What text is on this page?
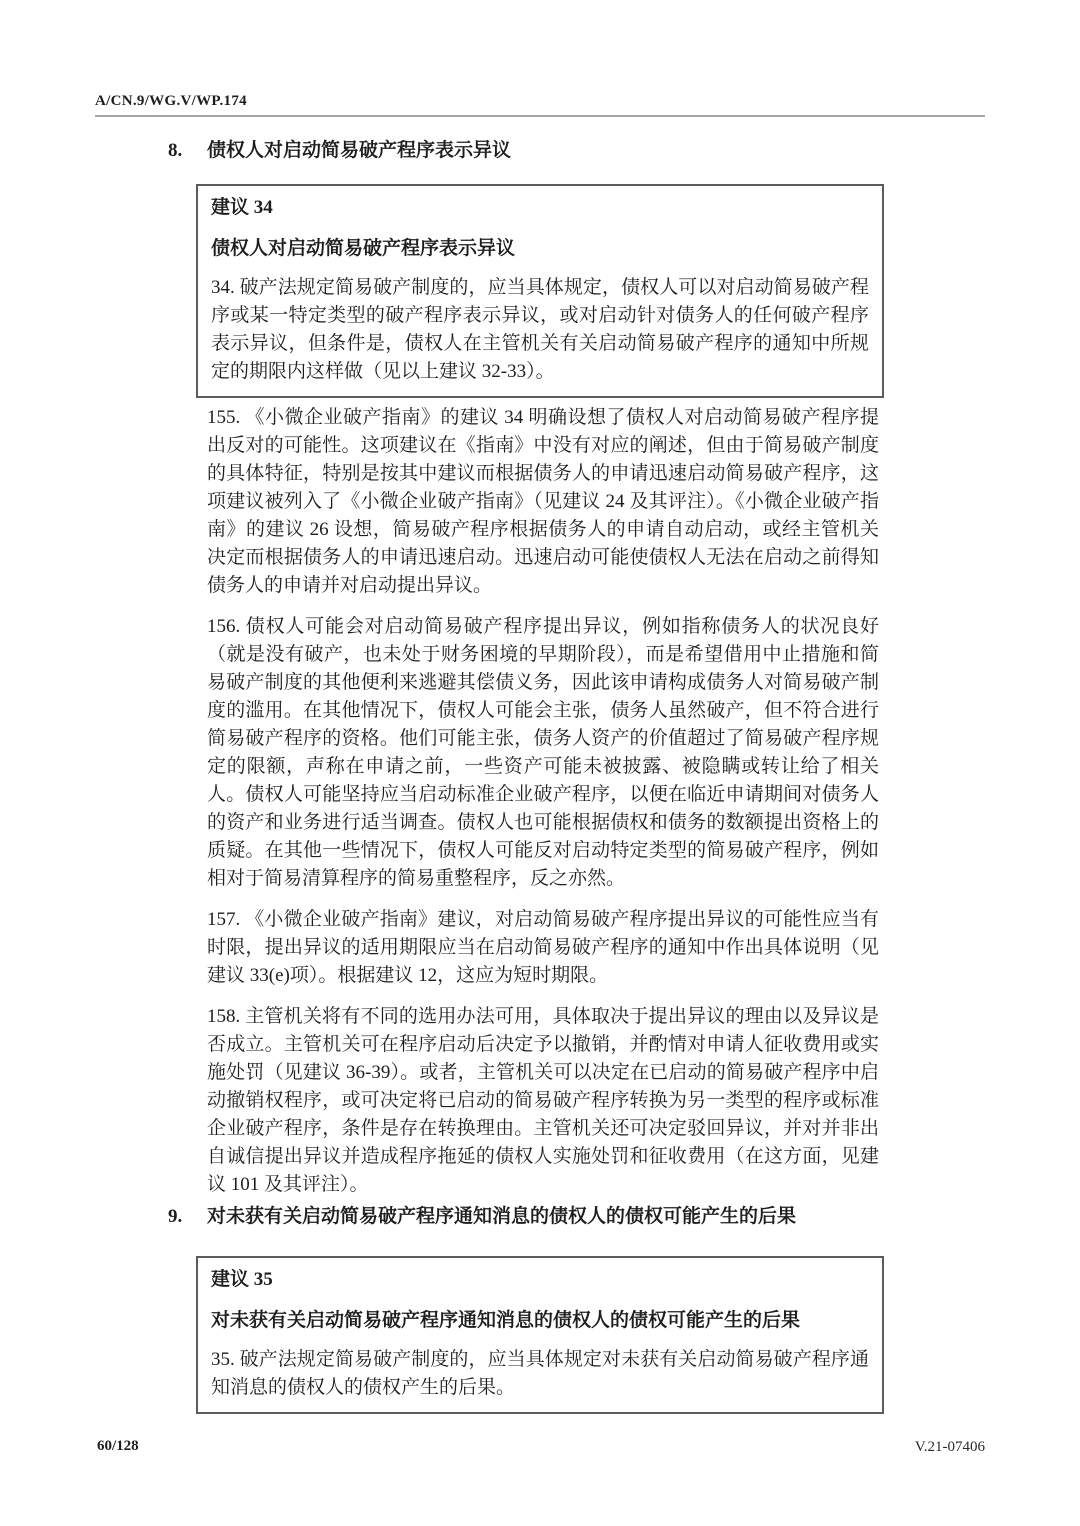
A/CN.9/WG.V/WP.174
8.	债权人对启动简易破产程序表示异议
建议 34
债权人对启动简易破产程序表示异议

34. 破产法规定简易破产制度的，应当具体规定，债权人可以对启动简易破产程序或某一特定类型的破产程序表示异议，或对启动针对债务人的任何破产程序表示异议，但条件是，债权人在主管机关有关启动简易破产程序的通知中所规定的期限内这样做（见以上建议 32-33）。

155. 《小微企业破产指南》的建议 34 明确设想了债权人对启动简易破产程序提出反对的可能性。这项建议在《指南》中没有对应的阐述，但由于简易破产制度的具体特征，特别是按其中建议而根据债务人的申请迅速启动简易破产程序，这项建议被列入了《小微企业破产指南》（见建议 24 及其评注）。《小微企业破产指南》的建议 26 设想，简易破产程序根据债务人的申请自动启动，或经主管机关决定而根据债务人的申请迅速启动。迅速启动可能使债权人无法在启动之前得知债务人的申请并对启动提出异议。

156. 债权人可能会对启动简易破产程序提出异议，例如指称债务人的状况良好（就是没有破产，也未处于财务困境的早期阶段），而是希望借用中止措施和简易破产制度的其他便利来逃避其偿债义务，因此该申请构成债务人对简易破产制度的滥用。在其他情况下，债权人可能会主张，债务人虽然破产，但不符合进行简易破产程序的资格。他们可能主张，债务人资产的价值超过了简易破产程序规定的限额，声称在申请之前，一些资产可能未被披露、被隐瞒或转让给了相关人。债权人可能坚持应当启动标准企业破产程序，以便在临近申请期间对债务人的资产和业务进行适当调查。债权人也可能根据债权和债务的数额提出资格上的质疑。在其他一些情况下，债权人可能反对启动特定类型的简易破产程序，例如相对于简易清算程序的简易重整程序，反之亦然。

157. 《小微企业破产指南》建议，对启动简易破产程序提出异议的可能性应当有时限，提出异议的适用期限应当在启动简易破产程序的通知中作出具体说明（见建议 33(e)项）。根据建议 12，这应为短时期限。

158. 主管机关将有不同的选用办法可用，具体取决于提出异议的理由以及异议是否成立。主管机关可在程序启动后决定予以撤销，并酌情对申请人征收费用或实施处罚（见建议 36-39）。或者，主管机关可以决定在已启动的简易破产程序中启动撤销权程序，或可决定将已启动的简易破产程序转换为另一类型的程序或标准企业破产程序，条件是存在转换理由。主管机关还可决定驳回异议，并对并非出自诚信提出异议并造成程序拖延的债权人实施处罚和征收费用（在这方面，见建议 101 及其评注）。

9.	对未获有关启动简易破产程序通知消息的债权人的债权可能产生的后果
建议 35
对未获有关启动简易破产程序通知消息的债权人的债权可能产生的后果

35. 破产法规定简易破产制度的，应当具体规定对未获有关启动简易破产程序通知消息的债权人的债权产生的后果。

60/128	V.21-07406
